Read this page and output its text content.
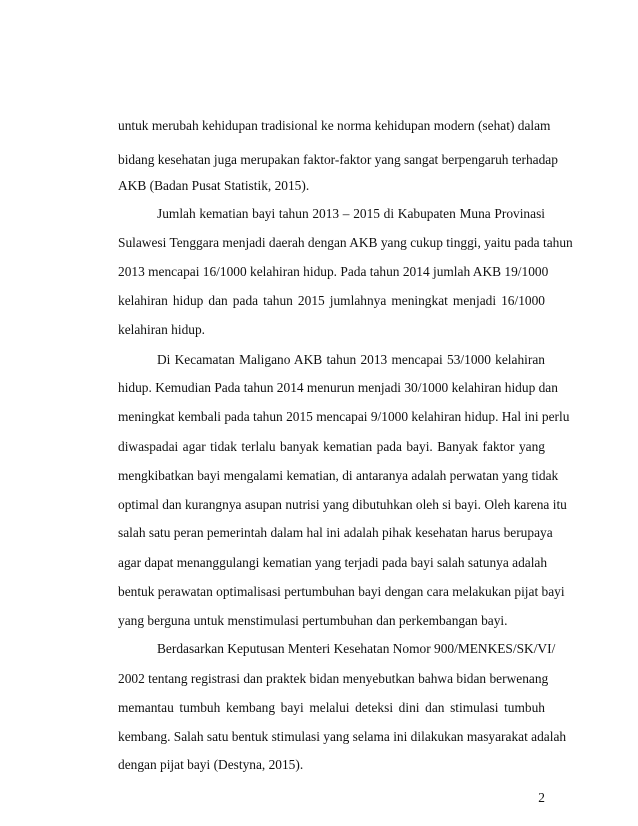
untuk merubah kehidupan tradisional ke norma kehidupan modern (sehat) dalam
bidang kesehatan juga merupakan faktor-faktor yang sangat berpengaruh terhadap
AKB (Badan Pusat Statistik, 2015).
Jumlah kematian bayi tahun 2013 – 2015 di Kabupaten Muna Provinasi
Sulawesi Tenggara menjadi daerah dengan AKB yang cukup tinggi, yaitu pada tahun
2013 mencapai 16/1000 kelahiran hidup. Pada tahun 2014 jumlah AKB 19/1000
kelahiran hidup dan pada tahun 2015 jumlahnya meningkat menjadi 16/1000
kelahiran hidup.
Di Kecamatan Maligano AKB tahun 2013 mencapai 53/1000 kelahiran
hidup. Kemudian Pada tahun 2014 menurun menjadi 30/1000 kelahiran hidup dan
meningkat kembali pada tahun 2015 mencapai 9/1000 kelahiran hidup. Hal ini perlu
diwaspadai agar tidak terlalu banyak kematian pada bayi. Banyak faktor yang
mengkibatkan bayi mengalami kematian, di antaranya adalah perwatan yang tidak
optimal dan kurangnya asupan nutrisi yang dibutuhkan oleh si bayi. Oleh karena itu
salah satu peran pemerintah dalam hal ini adalah pihak kesehatan harus berupaya
agar dapat menanggulangi kematian yang terjadi pada bayi salah satunya adalah
bentuk perawatan optimalisasi pertumbuhan bayi dengan cara melakukan pijat bayi
yang berguna untuk menstimulasi pertumbuhan dan perkembangan bayi.
Berdasarkan Keputusan Menteri Kesehatan Nomor 900/MENKES/SK/VI/
2002 tentang registrasi dan praktek bidan menyebutkan bahwa bidan berwenang
memantau tumbuh kembang bayi melalui deteksi dini dan stimulasi tumbuh
kembang. Salah satu bentuk stimulasi yang selama ini dilakukan masyarakat adalah
dengan pijat bayi (Destyna, 2015).
2
